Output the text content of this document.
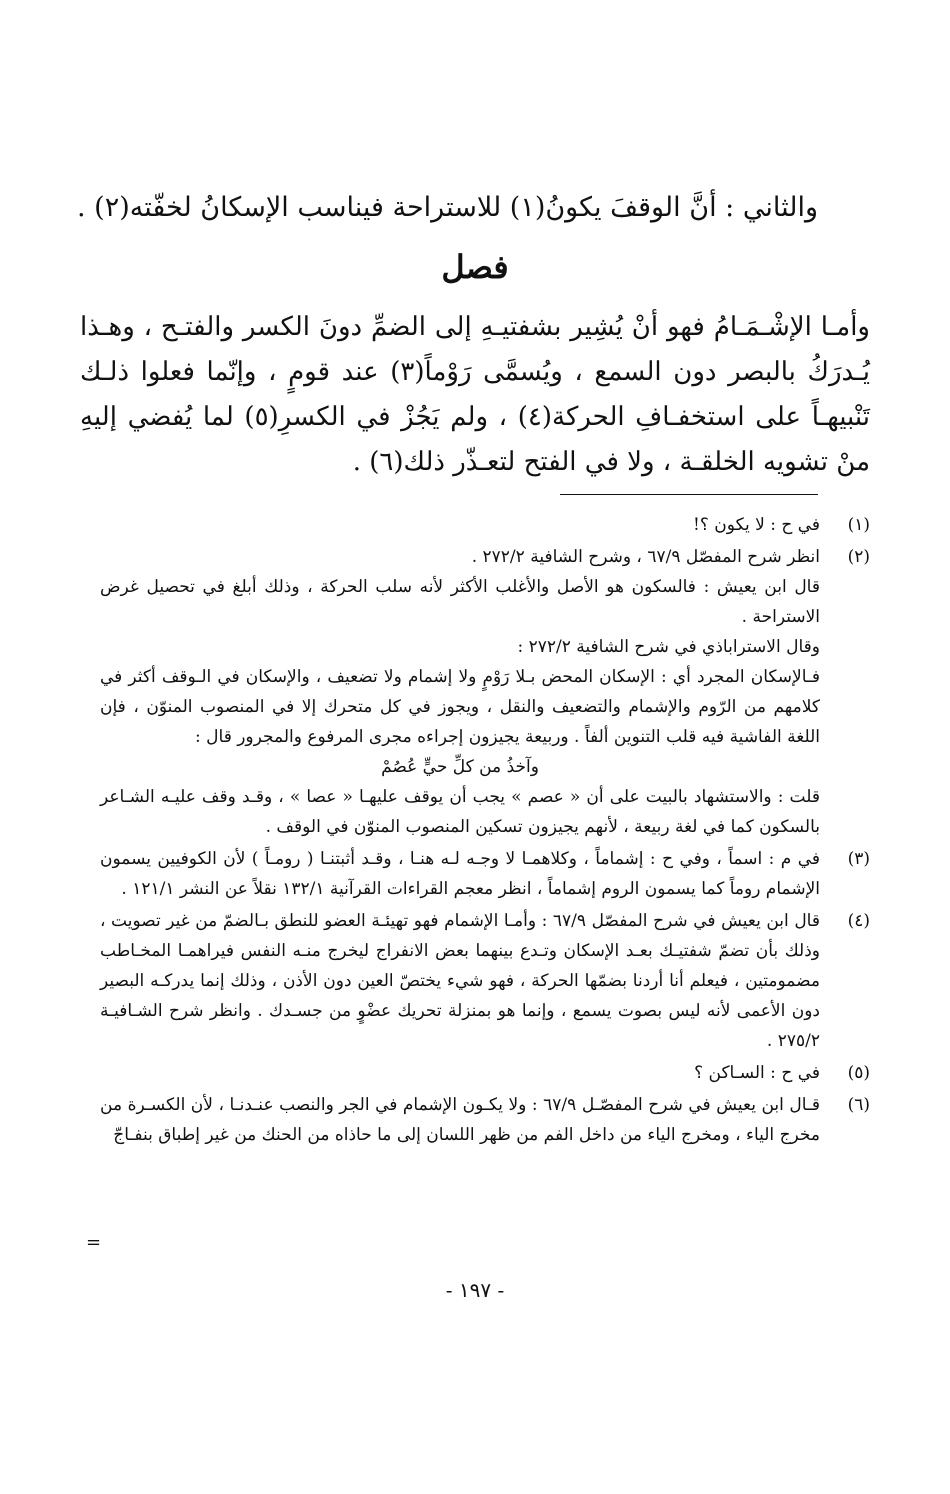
والثاني : أنَّ الوقفَ يكونُ(١) للاستراحة فيناسب الإسكانُ لخفّته(٢) .
فصل

وأمـا الإشْـمَـامُ فهو أنْ يُشِير بشفتيـهِ إلى الضمِّ دونَ الكسر والفتـح ، وهـذا يُـدرَكُ بالبصر دون السمع ، ويُسمَّى رَوْماً(٣) عند قومٍ ، وإنّما فعلوا ذلـك تَنْبيهـاً على استخفـافِ الحركة(٤) ، ولم يَجُزْ في الكسرِ(٥) لما يُفضي إليهِ منْ تشويه الخلقـة ، ولا في الفتح لتعـذّر ذلك(٦) .

(١)

في ح : لا يكون ؟!

(٢)

انظر شرح المفصّل ٦٧/٩ ، وشرح الشافية ٢٧٢/٢ .

قال ابن يعيش : فالسكون هو الأصل والأغلب الأكثر لأنه سلب الحركة ، وذلك أبلغ في تحصيل غرض الاستراحة .

وقال الاستراباذي في شرح الشافية ٢٧٢/٢ :

فـالإسكان المجرد أي : الإسكان المحض بـلا رَوْمٍ ولا إشمام ولا تضعيف ، والإسكان في الـوقف أكثر في كلامهم من الرّوم والإشمام والتضعيف والنقل ، ويجوز في كل متحرك إلا في المنصوب المنوّن ، فإن اللغة الفاشية فيه قلب التنوين ألفاً . وربيعة يجيزون إجراءه مجرى المرفوع والمجرور قال :

وآخذُ من كلِّ حيٍّ عُصُمْ

قلت : والاستشهاد بالبيت على أن « عصم » يجب أن يوقف عليهـا « عصا » ، وقـد وقف عليـه الشـاعر بالسكون كما في لغة ربيعة ، لأنهم يجيزون تسكين المنصوب المنوّن في الوقف .

(٣)

في م : اسماً ، وفي ح : إشماماً ، وكلاهمـا لا وجـه لـه هنـا ، وقـد أثبتنـا ( رومـاً ) لأن الكوفيين يسمون الإشمام روماً كما يسمون الروم إشماماً ، انظر معجم القراءات القرآنية ١٣٢/١ نقلاً عن النشر ١٢١/١ .

(٤)

قال ابن يعيش في شرح المفصّل ٦٧/٩ : وأمـا الإشمام فهو تهيئـة العضو للنطق بـالضمّ من غير تصويت ، وذلك بأن تضمّ شفتيـك بعـد الإسكان وتـدع بينهما بعض الانفراج ليخرج منـه النفس فيراهمـا المخـاطب مضمومتين ، فيعلم أنا أردنا بضمّها الحركة ، فهو شيء يختصّ العين دون الأذن ، وذلك إنما يدركـه البصير دون الأعمى لأنه ليس بصوت يسمع ، وإنما هو بمنزلة تحريك عضْوٍ من جسـدك . وانظر شرح الشـافيـة ٢٧٥/٢ .

(٥)

في ح : السـاكن ؟

(٦)

قـال ابن يعيش في شرح المفصّـل ٦٧/٩ : ولا يكـون الإشمام في الجر والنصب عنـدنـا ، لأن الكسـرة من مخرج الياء ، ومخرج الياء من داخل الفم من ظهر اللسان إلى ما حاذاه من الحنك من غير إطباق بنفـاجّ

=
- ١٩٧ -
